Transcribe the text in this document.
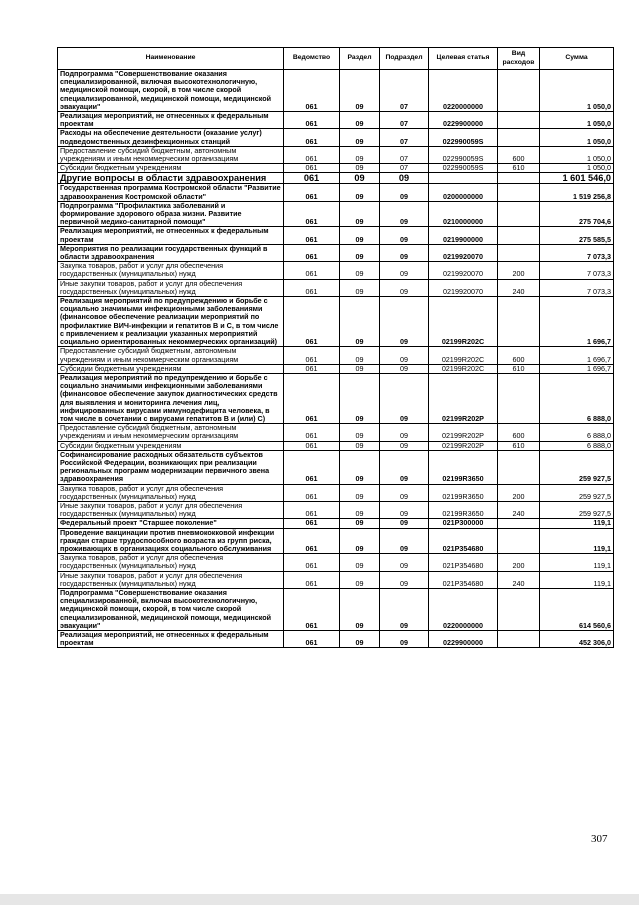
Наименование	Ведомство	Раздел	Подраздел	Целевая статья	Вид расходов	Сумма
Подпрограмма "Совершенствование оказания специализированной, включая высокотехнологичную, медицинской помощи, скорой, в том числе скорой специализированной, медицинской помощи, медицинской эвакуации"	061	09	07	0220000000		1 050,0
Реализация мероприятий, не отнесенных к федеральным проектам	061	09	07	0229900000		1 050,0
Расходы на обеспечение деятельности (оказание услуг) подведомственных дезинфекционных станций	061	09	07	022990059S		1 050,0
Предоставление субсидий бюджетным, автономным учреждениям и иным некоммерческим организациям	061	09	07	022990059S	600	1 050,0
Субсидии бюджетным учреждениям	061	09	07	022990059S	610	1 050,0
Другие вопросы в области здравоохранения	061	09	09			1 601 546,0
Государственная программа Костромской области "Развитие здравоохранения Костромской области"	061	09	09	0200000000		1 519 256,8
Подпрограмма "Профилактика заболеваний и формирование здорового образа жизни. Развитие первичной медико-санитарной помощи"	061	09	09	0210000000		275 704,6
Реализация мероприятий, не отнесенных к федеральным проектам	061	09	09	0219900000		275 585,5
Мероприятия по реализации государственных функций в области здравоохранения	061	09	09	0219920070		7 073,3
Закупка товаров, работ и услуг для обеспечения государственных (муниципальных) нужд	061	09	09	0219920070	200	7 073,3
Иные закупки товаров, работ и услуг для обеспечения государственных (муниципальных) нужд	061	09	09	0219920070	240	7 073,3
Реализация мероприятий по предупреждению и борьбе с социально значимыми инфекционными заболеваниями (финансовое обеспечение реализации мероприятий по профилактике ВИЧ-инфекции и гепатитов В и С, в том числе с привлечением к реализации указанных мероприятий социально ориентированных некоммерческих организаций)	061	09	09	02199R202C		1 696,7
Предоставление субсидий бюджетным, автономным учреждениям и иным некоммерческим организациям	061	09	09	02199R202C	600	1 696,7
Субсидии бюджетным учреждениям	061	09	09	02199R202C	610	1 696,7
Реализация мероприятий по предупреждению и борьбе с социально значимыми инфекционными заболеваниями (финансовое обеспечение закупок диагностических средств для выявления и мониторинга лечения лиц, инфицированных вирусами иммунодефицита человека, в том числе в сочетании с вирусами гепатитов В и (или) С)	061	09	09	02199R202P		6 888,0
Предоставление субсидий бюджетным, автономным учреждениям и иным некоммерческим организациям	061	09	09	02199R202P	600	6 888,0
Субсидии бюджетным учреждениям	061	09	09	02199R202P	610	6 888,0
Софинансирование расходных обязательств субъектов Российской Федерации, возникающих при реализации региональных программ модернизации первичного звена здравоохранения	061	09	09	02199R3650		259 927,5
Закупка товаров, работ и услуг для обеспечения государственных (муниципальных) нужд	061	09	09	02199R3650	200	259 927,5
Иные закупки товаров, работ и услуг для обеспечения государственных (муниципальных) нужд	061	09	09	02199R3650	240	259 927,5
Федеральный проект "Старшее поколение"	061	09	09	021P300000		119,1
Проведение вакцинации против пневмококковой инфекции граждан старше трудоспособного возраста из групп риска, проживающих в организациях социального обслуживания	061	09	09	021P354680		119,1
Закупка товаров, работ и услуг для обеспечения государственных (муниципальных) нужд	061	09	09	021P354680	200	119,1
Иные закупки товаров, работ и услуг для обеспечения государственных (муниципальных) нужд	061	09	09	021P354680	240	119,1
Подпрограмма "Совершенствование оказания специализированной, включая высокотехнологичную, медицинской помощи, скорой, в том числе скорой специализированной, медицинской помощи, медицинской эвакуации"	061	09	09	0220000000		614 560,6
Реализация мероприятий, не отнесенных к федеральным проектам	061	09	09	0229900000		452 306,0
307
